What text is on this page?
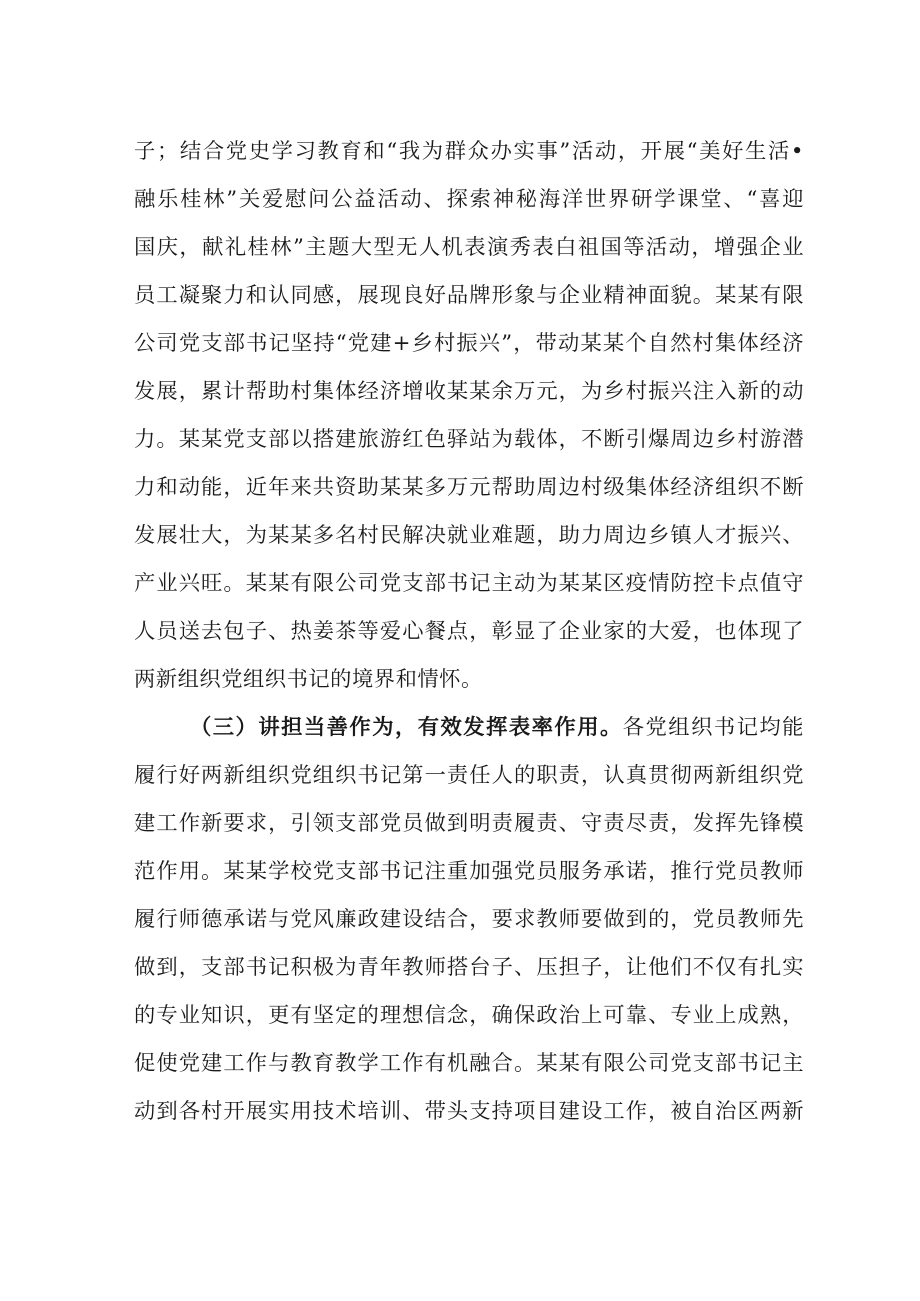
子；结合党史学习教育和“我为群众办实事”活动，开展“美好生活•
融乐桂林”关爱慰问公益活动、探索神秘海洋世界研学课堂、“喜迎
国庆，献礼桂林”主题大型无人机表演秀表白祖国等活动，增强企业
员工凝聚力和认同感，展现良好品牌形象与企业精神面貌。某某有限
公司党支部书记坚持“党建+乡村振兴”，带动某某个自然村集体经济
发展，累计帮助村集体经济增收某某余万元，为乡村振兴注入新的动
力。某某党支部以搭建旅游红色驿站为载体，不断引爆周边乡村游潜
力和动能，近年来共资助某某多万元帮助周边村级集体经济组织不断
发展壮大，为某某多名村民解决就业难题，助力周边乡镇人才振兴、
产业兴旺。某某有限公司党支部书记主动为某某区疫情防控卡点值守
人员送去包子、热姜茶等爱心餐点，彰显了企业家的大爱，也体现了
两新组织党组织书记的境界和情怀。
（三）讲担当善作为，有效发挥表率作用。各党组织书记均能
履行好两新组织党组织书记第一责任人的职责，认真贯彻两新组织党
建工作新要求，引领支部党员做到明责履责、守责尽责，发挥先锋模
范作用。某某学校党支部书记注重加强党员服务承诺，推行党员教师
履行师德承诺与党风廉政建设结合，要求教师要做到的，党员教师先
做到，支部书记积极为青年教师搭台子、压担子，让他们不仅有扎实
的专业知识，更有坚定的理想信念，确保政治上可靠、专业上成熟，
促使党建工作与教育教学工作有机融合。某某有限公司党支部书记主
动到各村开展实用技术培训、带头支持项目建设工作，被自治区两新
